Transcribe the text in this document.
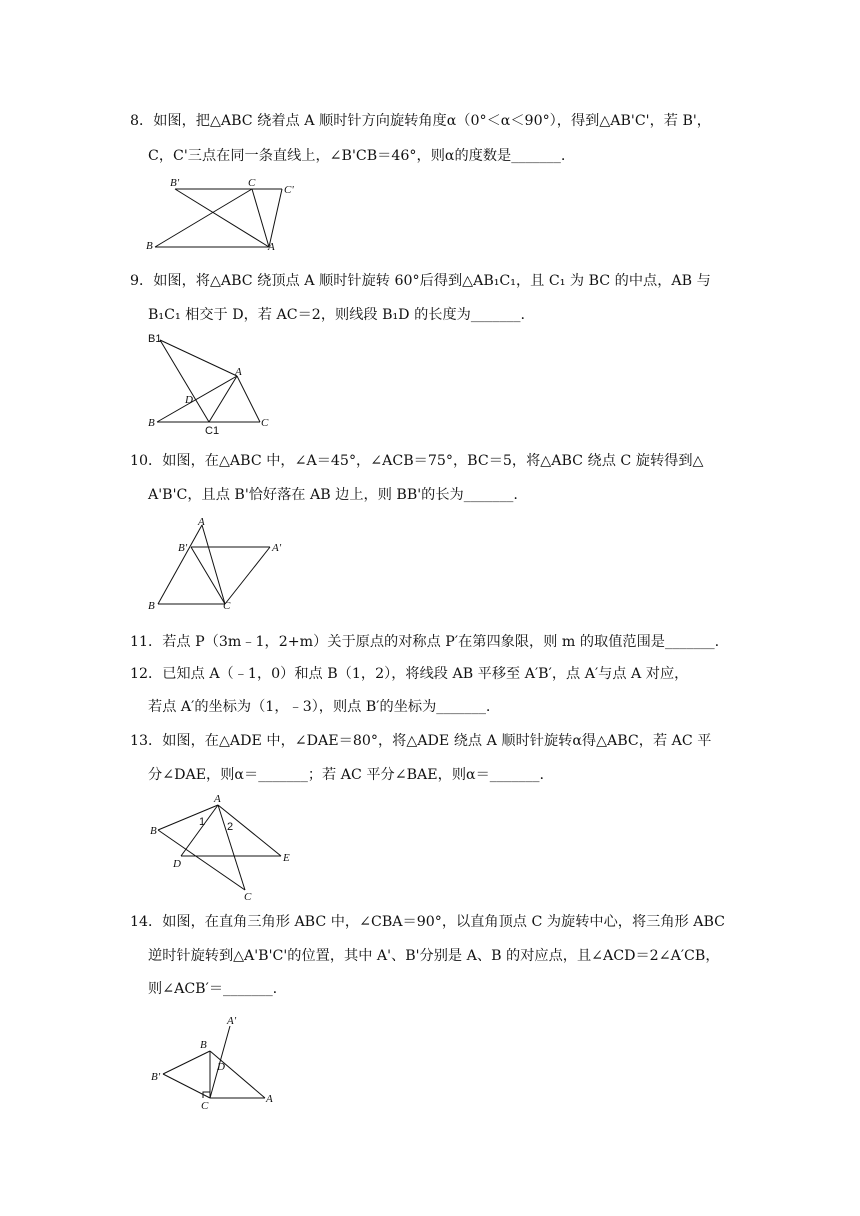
8．如图，把△ABC 绕着点 A 顺时针方向旋转角度α（0°＜α＜90°），得到△AB'C'，若 B'，
C，C'三点在同一条直线上，∠B'CB＝46°，则α的度数是_______.
B'	C
C'
B	A
9．如图，将△ABC 绕顶点 A 顺时针旋转 60°后得到△AB₁C₁，且 C₁ 为 BC 的中点，AB 与
B₁C₁ 相交于 D，若 AC＝2，则线段 B₁D 的长度为_______.
B1
A
D
B
C1
C
10．如图，在△ABC 中，∠A＝45°，∠ACB＝75°，BC＝5，将△ABC 绕点 C 旋转得到△
A'B'C，且点 B'恰好落在 AB 边上，则 BB'的长为_______.
A
B'	A'
B	C
11．若点 P（3m﹣1，2+m）关于原点的对称点 P′在第四象限，则 m 的取值范围是_______.
12．已知点 A（﹣1，0）和点 B（1，2），将线段 AB 平移至 A′B′，点 A′与点 A 对应，
若点 A′的坐标为（1，﹣3），则点 B′的坐标为_______.
13．如图，在△ADE 中，∠DAE＝80°，将△ADE 绕点 A 顺时针旋转α得△ABC，若 AC 平
分∠DAE，则α＝_______；若 AC 平分∠BAE，则α＝_______.
A
B
1 2
D	E
C
14．如图，在直角三角形 ABC 中，∠CBA＝90°，以直角顶点 C 为旋转中心，将三角形 ABC
逆时针旋转到△A'B'C'的位置，其中 A'、B'分别是 A、B 的对应点，且∠ACD＝2∠A′CB，
则∠ACB′＝_______.
A'
B
D
B'
C
A
